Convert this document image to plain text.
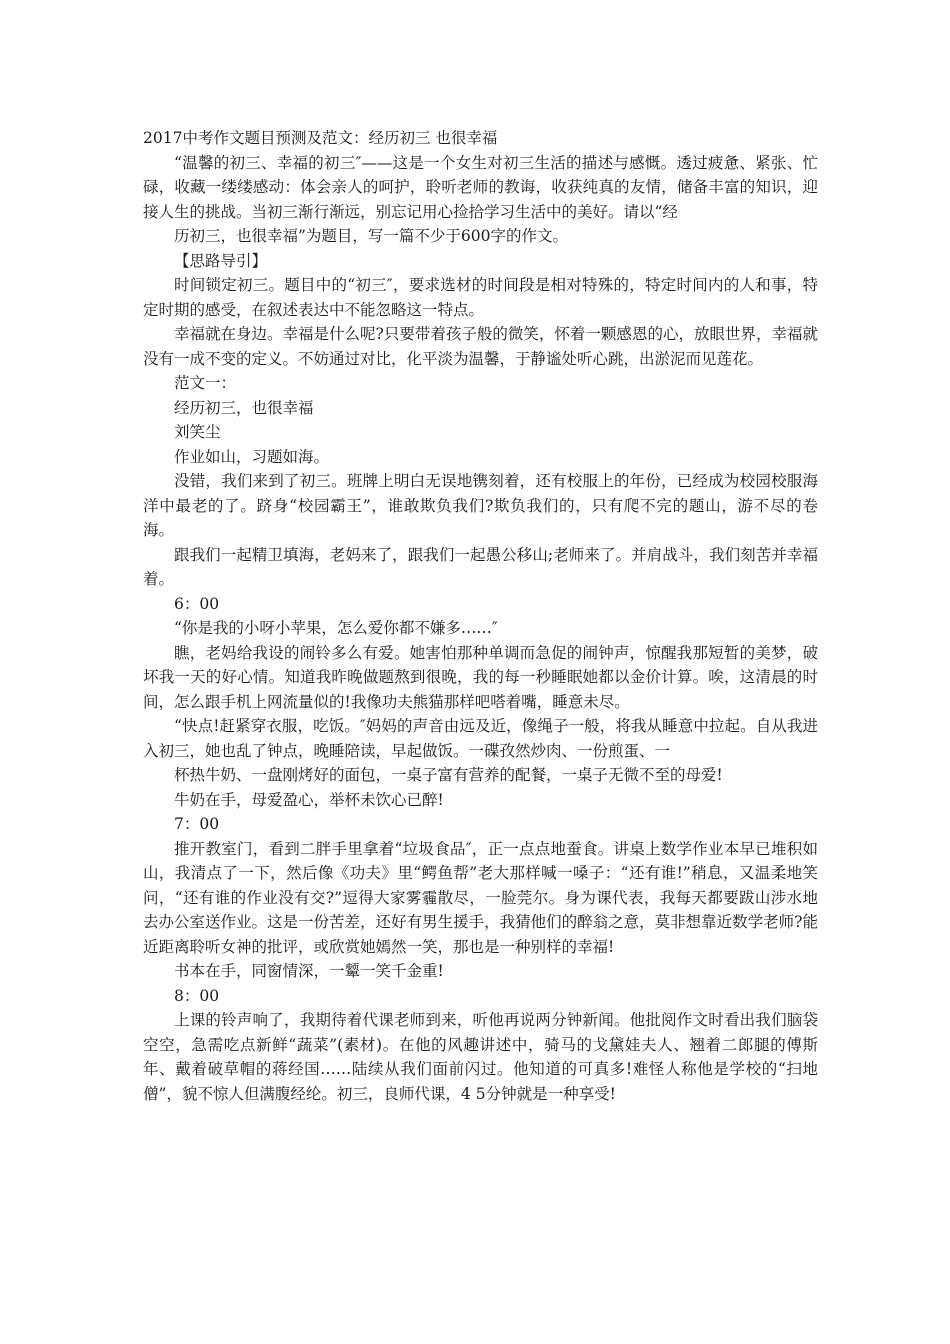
2017中考作文题目预测及范文：经历初三 也很幸福

“温馨的初三、幸福的初三″——这是一个女生对初三生活的描述与感慨。透过疲惫、紧张、忙碌，收藏一缕缕感动：体会亲人的呵护，聆听老师的教诲，收获纯真的友情，储备丰富的知识，迎接人生的挑战。当初三渐行渐远，别忘记用心捡拾学习生活中的美好。请以“经

历初三，也很幸福”为题目，写一篇不少于600字的作文。

【思路导引】

时间锁定初三。题目中的“初三″，要求选材的时间段是相对特殊的，特定时间内的人和事，特定时期的感受，在叙述表达中不能忽略这一特点。

幸福就在身边。幸福是什么呢?只要带着孩子般的微笑，怀着一颗感恩的心，放眼世界，幸福就没有一成不变的定义。不妨通过对比，化平淡为温馨，于静谧处听心跳，出淤泥而见莲花。

范文一：

经历初三，也很幸福

刘笑尘

作业如山，习题如海。

没错，我们来到了初三。班牌上明白无误地镌刻着，还有校服上的年份，已经成为校园校服海洋中最老的了。跻身“校园霸王”，谁敢欺负我们?欺负我们的，只有爬不完的题山，游不尽的卷海。

跟我们一起精卫填海，老妈来了，跟我们一起愚公移山;老师来了。并肩战斗，我们刻苦并幸福着。

6：00

“你是我的小呀小苹果，怎么爱你都不嫌多……″

瞧，老妈给我设的闹铃多么有爱。她害怕那种单调而急促的闹钟声，惊醒我那短暂的美梦，破坏我一天的好心情。知道我昨晚做题熬到很晚，我的每一秒睡眠她都以金价计算。唉，这清晨的时间，怎么跟手机上网流量似的!我像功夫熊猫那样吧嗒着嘴，睡意未尽。

“快点!赶紧穿衣服，吃饭。″妈妈的声音由远及近，像绳子一般，将我从睡意中拉起。自从我进入初三，她也乱了钟点，晚睡陪读，早起做饭。一碟孜然炒肉、一份煎蛋、一

杯热牛奶、一盘刚烤好的面包，一桌子富有营养的配餐，一桌子无微不至的母爱!

牛奶在手，母爱盈心，举杯未饮心已醉!

7：00

推开教室门，看到二胖手里拿着“垃圾食品″，正一点点地蚕食。讲桌上数学作业本早已堆积如山，我清点了一下，然后像《功夫》里“鳄鱼帮”老大那样喊一嗓子：“还有谁!”稍息，又温柔地笑问，“还有谁的作业没有交?”逗得大家雾霾散尽，一脸莞尔。身为课代表，我每天都要跋山涉水地去办公室送作业。这是一份苦差，还好有男生援手，我猜他们的醉翁之意，莫非想靠近数学老师?能近距离聆听女神的批评，或欣赏她嫣然一笑，那也是一种别样的幸福!

书本在手，同窗情深，一颦一笑千金重!

8：00

上课的铃声响了，我期待着代课老师到来，听他再说两分钟新闻。他批阅作文时看出我们脑袋空空，急需吃点新鲜“蔬菜”(素材)。在他的风趣讲述中，骑马的戈黛娃夫人、翘着二郎腿的傅斯年、戴着破草帽的蒋经国……陆续从我们面前闪过。他知道的可真多!难怪人称他是学校的“扫地僧”，貌不惊人但满腹经纶。初三，良师代课，4 5分钟就是一种享受!
